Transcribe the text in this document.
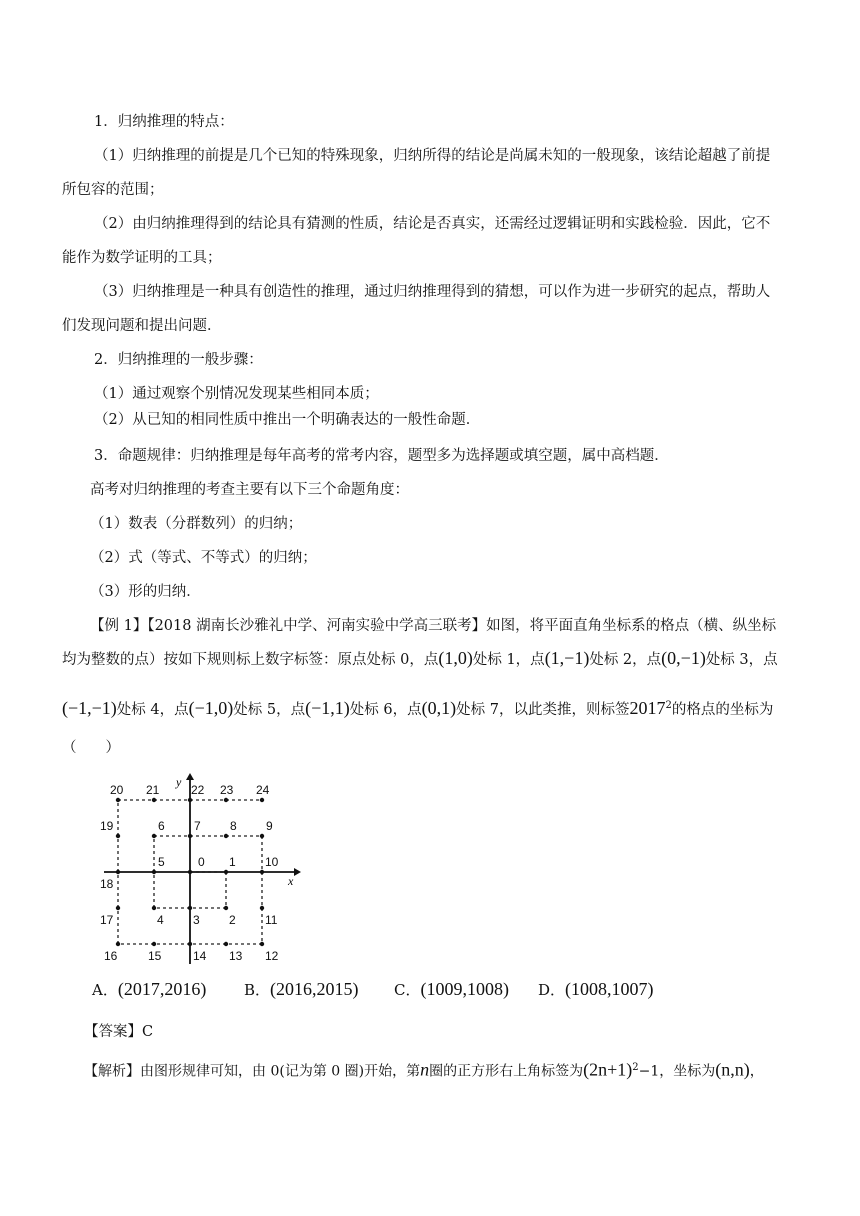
1．归纳推理的特点：
（1）归纳推理的前提是几个已知的特殊现象，归纳所得的结论是尚属未知的一般现象，该结论超越了前提
所包容的范围；
（2）由归纳推理得到的结论具有猜测的性质，结论是否真实，还需经过逻辑证明和实践检验．因此，它不
能作为数学证明的工具；
（3）归纳推理是一种具有创造性的推理，通过归纳推理得到的猜想，可以作为进一步研究的起点，帮助人
们发现问题和提出问题．
2．归纳推理的一般步骤：
（1）通过观察个别情况发现某些相同本质；
（2）从已知的相同性质中推出一个明确表达的一般性命题．
3．命题规律：归纳推理是每年高考的常考内容，题型多为选择题或填空题，属中高档题．
高考对归纳推理的考查主要有以下三个命题角度：
（1）数表（分群数列）的归纳；
（2）式（等式、不等式）的归纳；
（3）形的归纳．
【例 1】【2018 湖南长沙雅礼中学、河南实验中学高三联考】如图，将平面直角坐标系的格点（横、纵坐标
均为整数的点）按如下规则标上数字标签：原点处标 0，点(1,0)处标 1，点(1,−1)处标 2，点(0,−1)处标 3，点
(−1,−1)处标 4，点(−1,0)处标 5，点(−1,1)处标 6，点(0,1)处标 7，以此类推，则标签2017$^2$的格点的坐标为
（　　）
x
y
0 1
2
3
4
5
6 7 8 9
10
11
12
13
14
15
16
17
18
19
20 21	22 23 24
A．(2017,2016)	B．(2016,2015) C．(1009,1008) D．(1008,1007)
【答案】C
【解析】由图形规律可知，由 0(记为第 0 圈)开始，第n圈的正方形右上角标签为$(2n+1)^2-1$，坐标为(n,n)，
